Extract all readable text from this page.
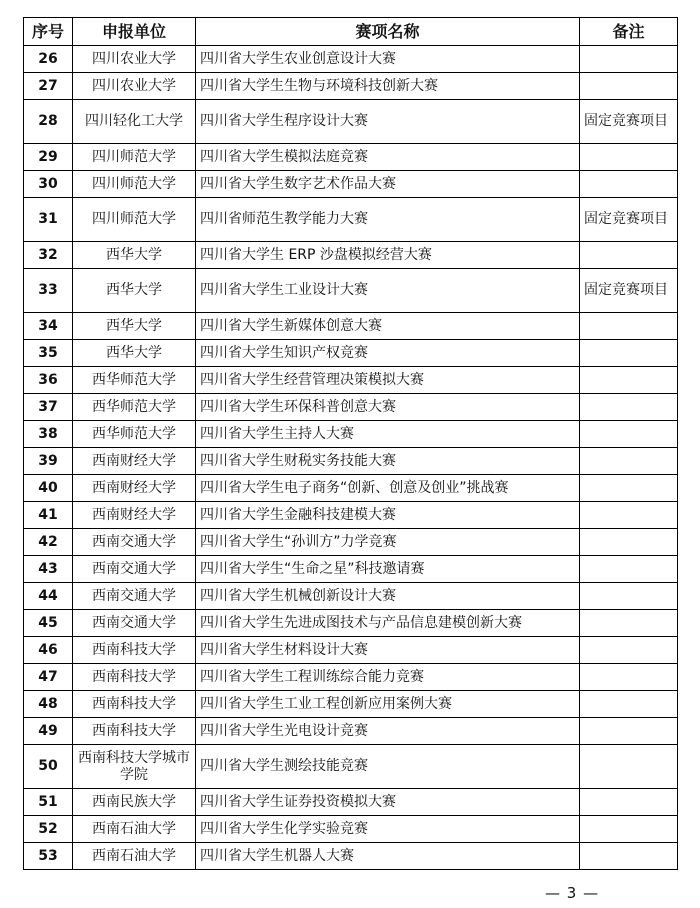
序号	申报单位	赛项名称	备注
26	四川农业大学	四川省大学生农业创意设计大赛	
27	四川农业大学	四川省大学生生物与环境科技创新大赛	
28	四川轻化工大学	四川省大学生程序设计大赛	固定竞赛项目
29	四川师范大学	四川省大学生模拟法庭竞赛	
30	四川师范大学	四川省大学生数字艺术作品大赛	
31	四川师范大学	四川省师范生教学能力大赛	固定竞赛项目
32	西华大学	四川省大学生 ERP 沙盘模拟经营大赛	
33	西华大学	四川省大学生工业设计大赛	固定竞赛项目
34	西华大学	四川省大学生新媒体创意大赛	
35	西华大学	四川省大学生知识产权竞赛	
36	西华师范大学	四川省大学生经营管理决策模拟大赛	
37	西华师范大学	四川省大学生环保科普创意大赛	
38	西华师范大学	四川省大学生主持人大赛	
39	西南财经大学	四川省大学生财税实务技能大赛	
40	西南财经大学	四川省大学生电子商务“创新、创意及创业”挑战赛	
41	西南财经大学	四川省大学生金融科技建模大赛	
42	西南交通大学	四川省大学生“孙训方”力学竞赛	
43	西南交通大学	四川省大学生“生命之星”科技邀请赛	
44	西南交通大学	四川省大学生机械创新设计大赛	
45	西南交通大学	四川省大学生先进成图技术与产品信息建模创新大赛	
46	西南科技大学	四川省大学生材料设计大赛	
47	西南科技大学	四川省大学生工程训练综合能力竞赛	
48	西南科技大学	四川省大学生工业工程创新应用案例大赛	
49	西南科技大学	四川省大学生光电设计竞赛	
50	西南科技大学城市学院	四川省大学生测绘技能竞赛	
51	西南民族大学	四川省大学生证券投资模拟大赛	
52	西南石油大学	四川省大学生化学实验竞赛	
53	西南石油大学	四川省大学生机器人大赛	
— 3 —
